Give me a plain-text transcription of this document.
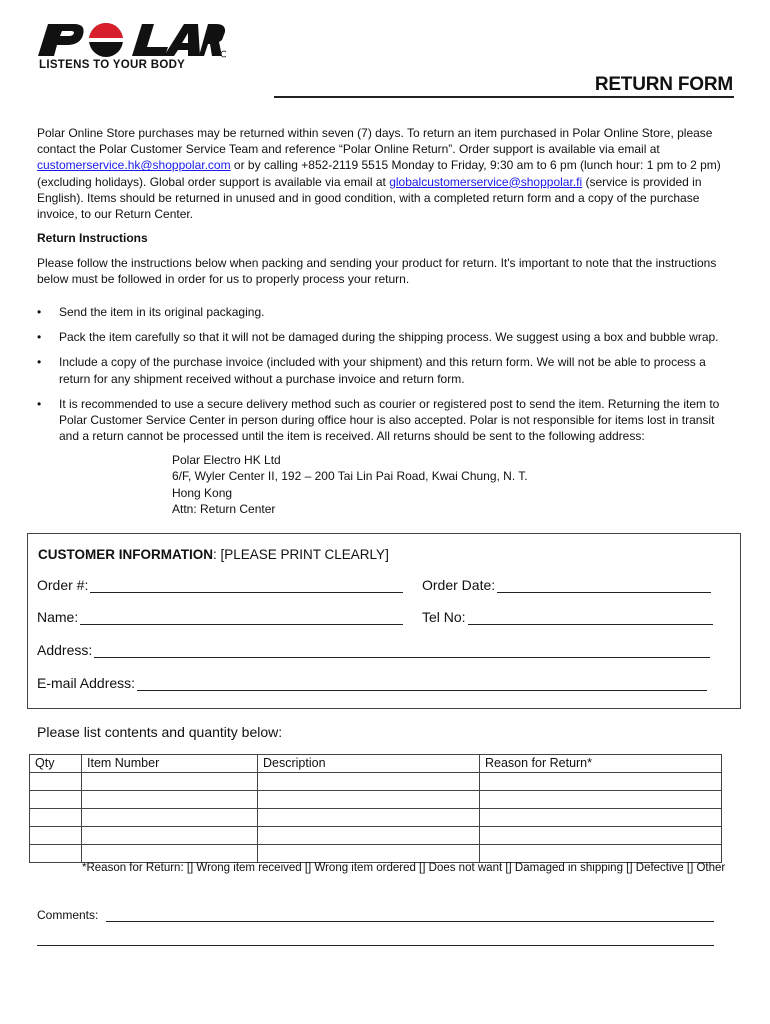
LISTENS TO YOUR BODY
RETURN FORM
Polar Online Store purchases may be returned within seven (7) days. To return an item purchased in Polar Online Store, please contact the Polar Customer Service Team and reference “Polar Online Return”. Order support is available via email at customerservice.hk@shoppolar.com or by calling +852-2119 5515 Monday to Friday, 9:30 am to 6 pm (lunch hour: 1 pm to 2 pm) (excluding holidays). Global order support is available via email at globalcustomerservice@shoppolar.fi (service is provided in English). Items should be returned in unused and in good condition, with a completed return form and a copy of the purchase invoice, to our Return Center.
Return Instructions
Please follow the instructions below when packing and sending your product for return. It's important to note that the instructions below must be followed in order for us to properly process your return.
• Send the item in its original packaging.
• Pack the item carefully so that it will not be damaged during the shipping process. We suggest using a box and bubble wrap.
• Include a copy of the purchase invoice (included with your shipment) and this return form. We will not be able to process a return for any shipment received without a purchase invoice and return form.
• It is recommended to use a secure delivery method such as courier or registered post to send the item. Returning the item to Polar Customer Service Center in person during office hour is also accepted. Polar is not responsible for items lost in transit and a return cannot be processed until the item is received. All returns should be sent to the following address:
Polar Electro HK Ltd
6/F, Wyler Center II, 192 – 200 Tai Lin Pai Road, Kwai Chung, N. T.
Hong Kong
Attn: Return Center
CUSTOMER INFORMATION: [PLEASE PRINT CLEARLY]
Order #:	Order Date:
Name:	Tel No:
Address:
E-mail Address:
Please list contents and quantity below:
Qty	Item Number	Description	Reason for Return*

*Reason for Return: [] Wrong item received [] Wrong item ordered [] Does not want [] Damaged in shipping [] Defective [] Other
Comments:
